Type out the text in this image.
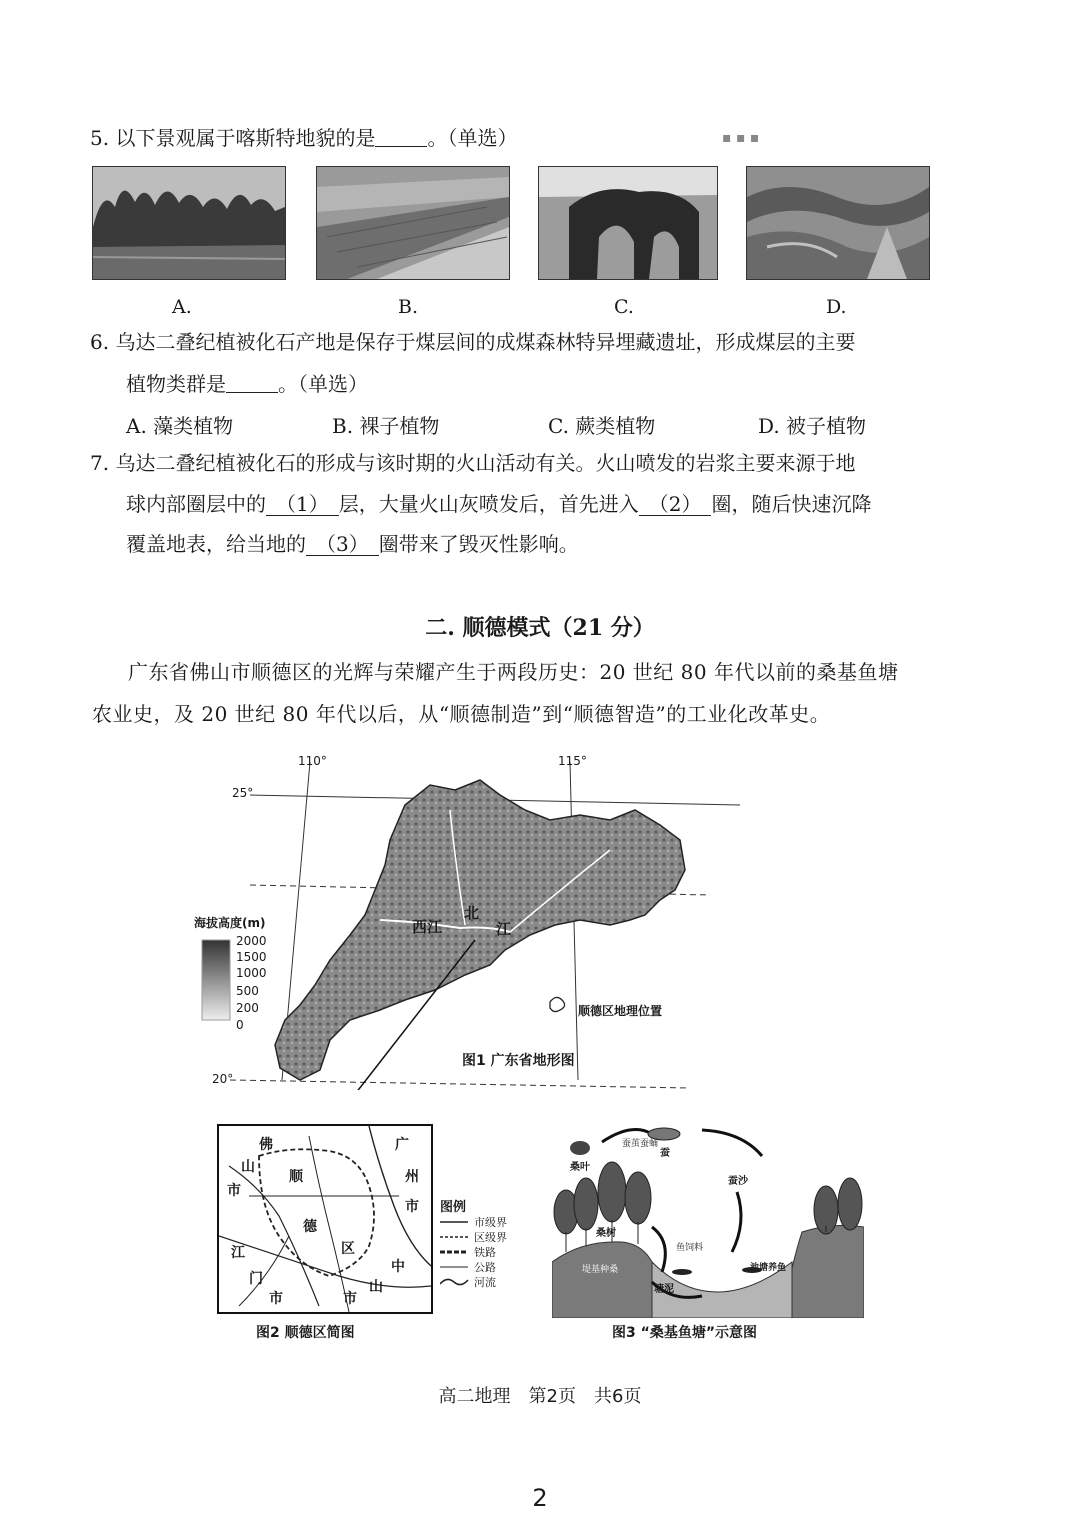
5. 以下景观属于喀斯特地貌的是	。（单选）	▪ ▪ ▪
A.	B.	C.	D.
6. 乌达二叠纪植被化石产地是保存于煤层间的成煤森林特异埋藏遗址，形成煤层的主要
植物类群是	。（单选）
A. 藻类植物	B. 裸子植物	C. 蕨类植物	D. 被子植物
7. 乌达二叠纪植被化石的形成与该时期的火山活动有关。火山喷发的岩浆主要来源于地
球内部圈层中的 （1） 层，大量火山灰喷发后，首先进入 （2） 圈，随后快速沉降
覆盖地表，给当地的 （3） 圈带来了毁灭性影响。
二. 顺德模式（21 分）
广东省佛山市顺德区的光辉与荣耀产生于两段历史：20 世纪 80 年代以前的桑基鱼塘
农业史，及 20 世纪 80 年代以后，从“顺德制造”到“顺德智造”的工业化改革史。
110°	115°
25°
20°
海拔高度(m)
2000
1500
1000
500
200
0
西江
北
江
顺德区地理位置
图1 广东省地形图
佛
山
市
顺
德
区
广
州
市
江
门
市
中
山
市
图例
市级界
区级界
铁路
公路
河流
图2 顺德区简图
桑叶
蚕茧蚕蛹
蚕
蚕沙
桑树
鱼饲料
池塘养鱼
塘泥
堤基种桑
图3 “桑基鱼塘”示意图
高二地理　第2页　共6页
2
